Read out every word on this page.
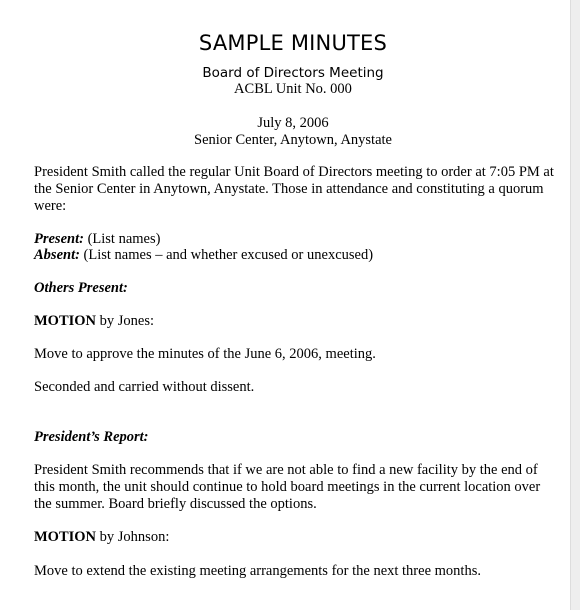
SAMPLE MINUTES
Board of Directors Meeting
ACBL Unit No. 000
July 8, 2006
Senior Center, Anytown, Anystate

President Smith called the regular Unit Board of Directors meeting to order at 7:05 PM at the Senior Center in Anytown, Anystate. Those in attendance and constituting a quorum were:

Present: (List names)
Absent: (List names – and whether excused or unexcused)
Others Present:
MOTION by Jones:
Move to approve the minutes of the June 6, 2006, meeting.
Seconded and carried without dissent.
President’s Report:

President Smith recommends that if we are not able to find a new facility by the end of this month, the unit should continue to hold board meetings in the current location over the summer. Board briefly discussed the options.

MOTION by Johnson:
Move to extend the existing meeting arrangements for the next three months.
